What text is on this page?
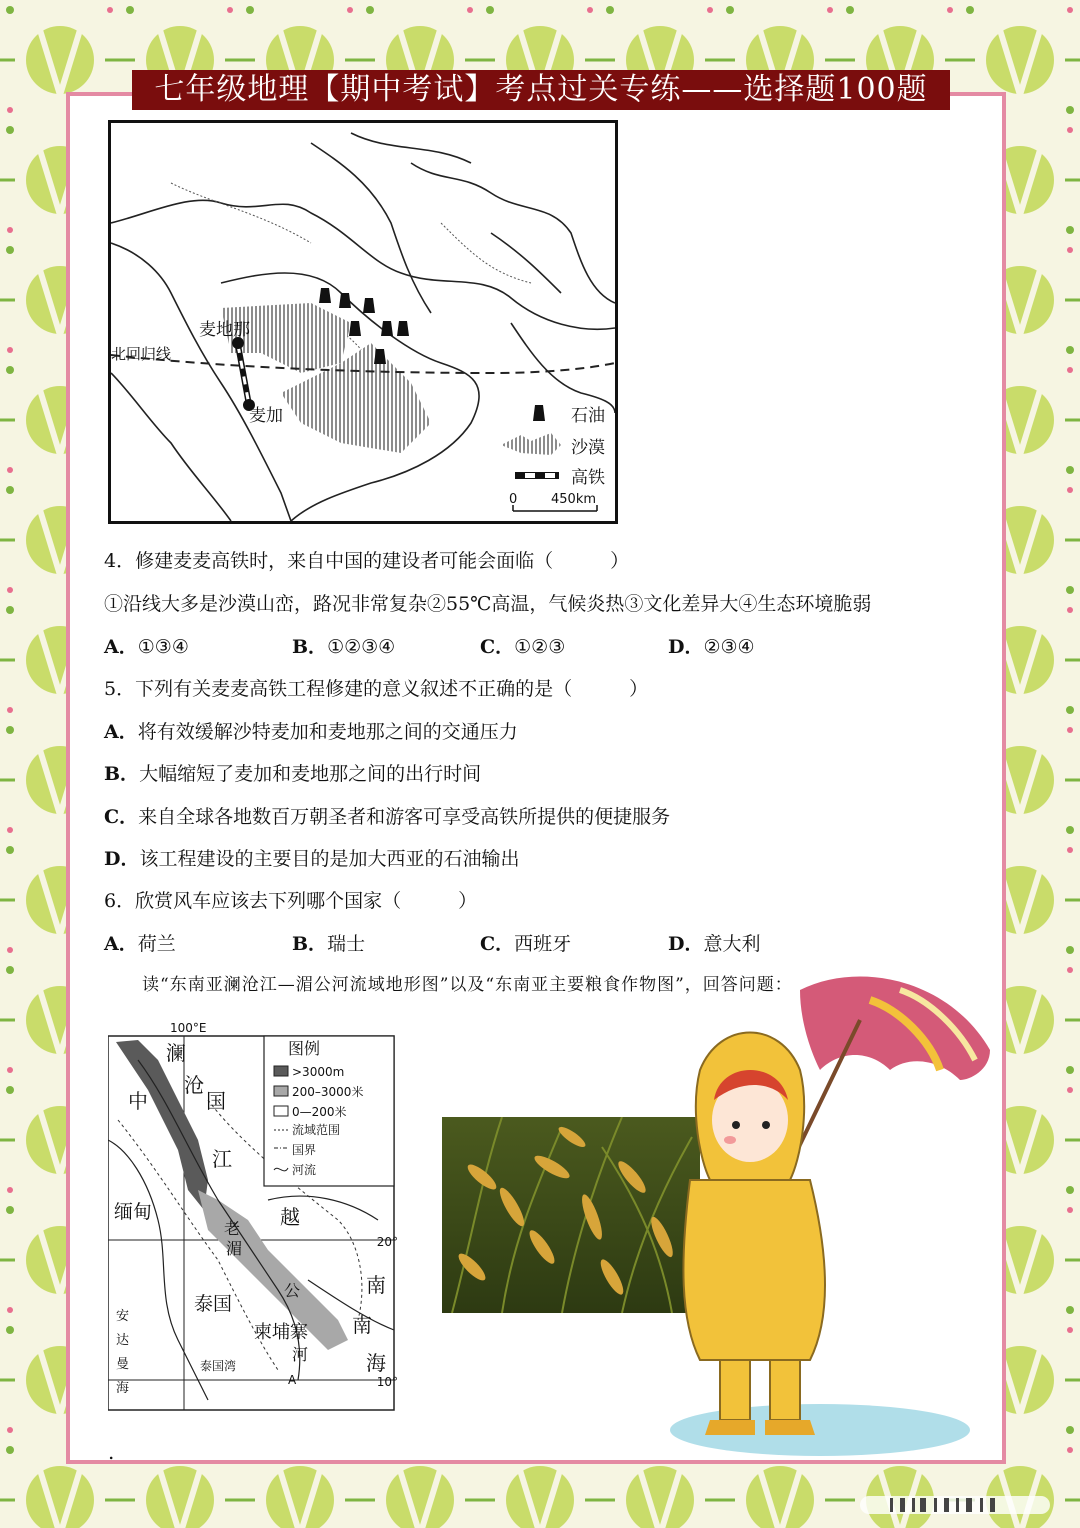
七年级地理【期中考试】考点过关专练——选择题100题
麦地那
麦加
北回归线
石油
沙漠
高铁
0	450km
4．修建麦麦高铁时，来自中国的建设者可能会面临（　　　）
①沿线大多是沙漠山峦，路况非常复杂②55℃高温，气候炎热③文化差异大④生态环境脆弱
A．①③④	B．①②③④	C．①②③	D．②③④
5．下列有关麦麦高铁工程修建的意义叙述不正确的是（　　　）
A．将有效缓解沙特麦加和麦地那之间的交通压力
B．大幅缩短了麦加和麦地那之间的出行时间
C．来自全球各地数百万朝圣者和游客可享受高铁所提供的便捷服务
D．该工程建设的主要目的是加大西亚的石油输出
6．欣赏风车应该去下列哪个国家（　　　）
A．荷兰	B．瑞士	C．西班牙	D．意大利
读“东南亚澜沧江—湄公河流域地形图”以及“东南亚主要粮食作物图”，回答问题：
100°E
澜
沧
江
中	国
缅甸	越
老
湄
公
河
泰国
柬埔寨
南
南
海
安
达
曼
海
泰国湾
A
20°
10°
图例
>3000m
200–3000米
0—200米
流域范围
国界
河流
.
